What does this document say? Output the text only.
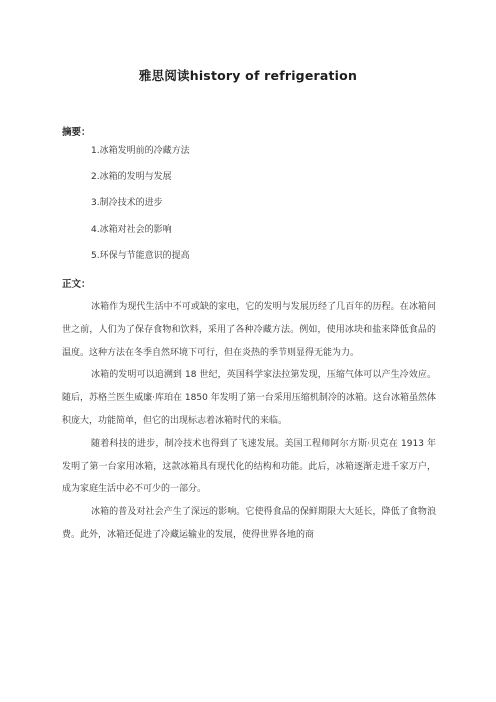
雅思阅读history of refrigeration
摘要：
1.冰箱发明前的冷藏方法
2.冰箱的发明与发展
3.制冷技术的进步
4.冰箱对社会的影响
5.环保与节能意识的提高
正文：

冰箱作为现代生活中不可或缺的家电，它的发明与发展历经了几百年的历程。在冰箱问世之前，人们为了保存食物和饮料，采用了各种冷藏方法。例如，使用冰块和盐来降低食品的温度。这种方法在冬季自然环境下可行，但在炎热的季节则显得无能为力。

冰箱的发明可以追溯到 18 世纪，英国科学家法拉第发现，压缩气体可以产生冷效应。随后，苏格兰医生威廉·库珀在 1850 年发明了第一台采用压缩机制冷的冰箱。这台冰箱虽然体积庞大，功能简单，但它的出现标志着冰箱时代的来临。

随着科技的进步，制冷技术也得到了飞速发展。美国工程师阿尔方斯·贝克在 1913 年发明了第一台家用冰箱，这款冰箱具有现代化的结构和功能。此后，冰箱逐渐走进千家万户，成为家庭生活中必不可少的一部分。

冰箱的普及对社会产生了深远的影响。它使得食品的保鲜期限大大延长，降低了食物浪费。此外，冰箱还促进了冷藏运输业的发展，使得世界各地的商
